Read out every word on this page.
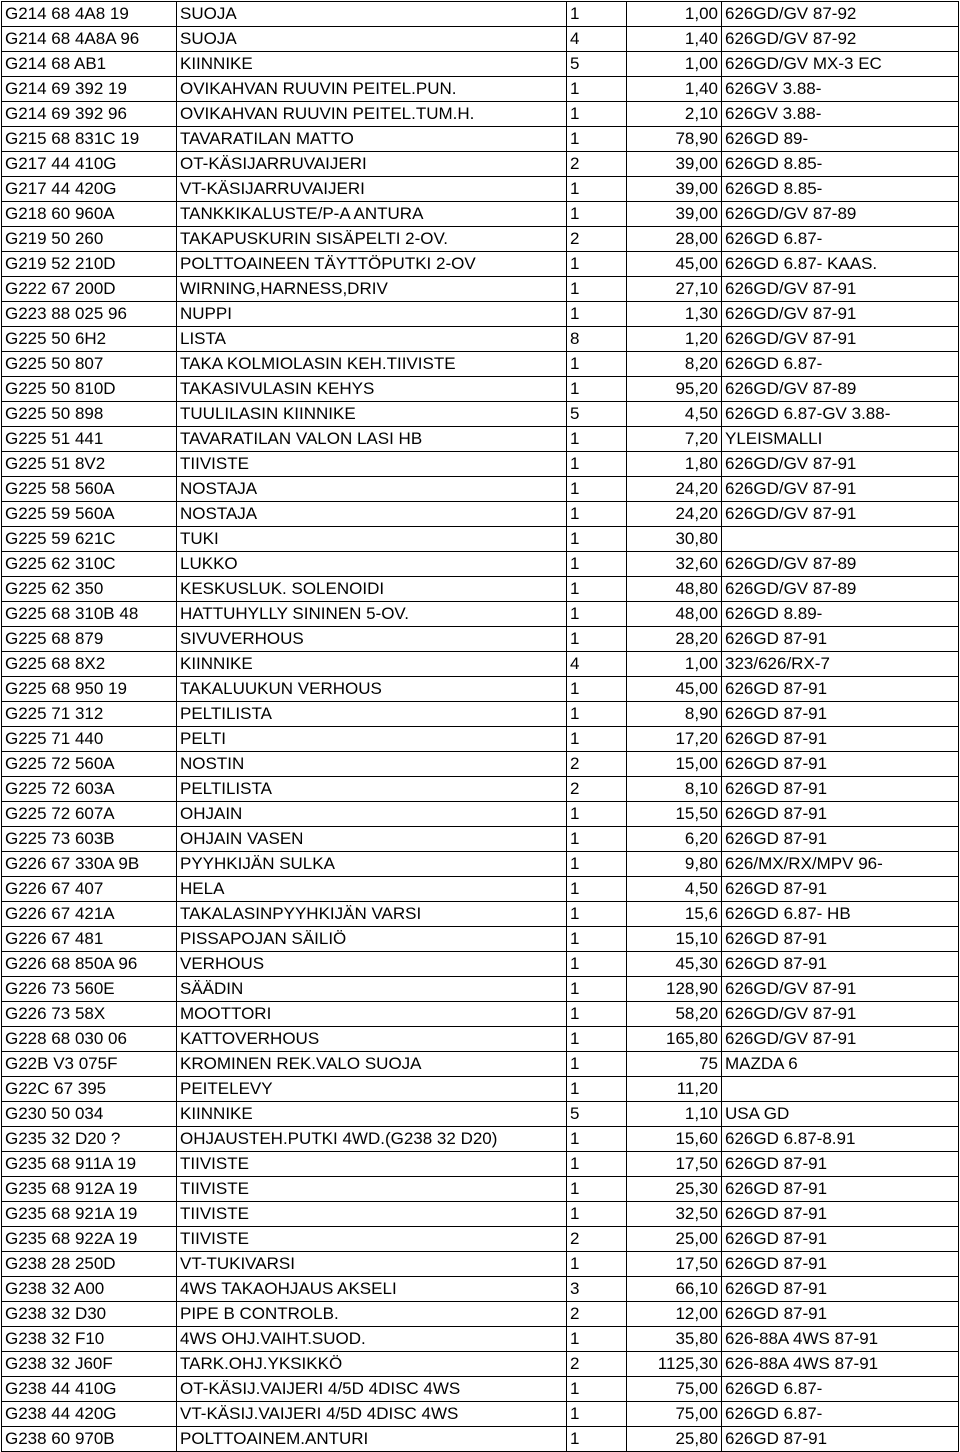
G214 68 4A8 19	SUOJA	1	1,00	626GD/GV 87-92
G214 68 4A8A 96	SUOJA	4	1,40	626GD/GV 87-92
G214 68 AB1	KIINNIKE	5	1,00	626GD/GV MX-3 EC
G214 69 392 19	OVIKAHVAN RUUVIN PEITEL.PUN.	1	1,40	626GV 3.88-
G214 69 392 96	OVIKAHVAN RUUVIN PEITEL.TUM.H.	1	2,10	626GV 3.88-
G215 68 831C 19	TAVARATILAN MATTO	1	78,90	626GD 89-
G217 44 410G	OT-KÄSIJARRUVAIJERI	2	39,00	626GD 8.85-
G217 44 420G	VT-KÄSIJARRUVAIJERI	1	39,00	626GD 8.85-
G218 60 960A	TANKKIKALUSTE/P-A ANTURA	1	39,00	626GD/GV 87-89
G219 50 260	TAKAPUSKURIN SISÄPELTI 2-OV.	2	28,00	626GD 6.87-
G219 52 210D	POLTTOAINEEN TÄYTTÖPUTKI 2-OV	1	45,00	626GD 6.87- KAAS.
G222 67 200D	WIRNING,HARNESS,DRIV	1	27,10	626GD/GV 87-91
G223 88 025 96	NUPPI	1	1,30	626GD/GV 87-91
G225 50 6H2	LISTA	8	1,20	626GD/GV 87-91
G225 50 807	TAKA KOLMIOLASIN KEH.TIIVISTE	1	8,20	626GD 6.87-
G225 50 810D	TAKASIVULASIN KEHYS	1	95,20	626GD/GV 87-89
G225 50 898	TUULILASIN KIINNIKE	5	4,50	626GD 6.87-GV 3.88-
G225 51 441	TAVARATILAN VALON LASI HB	1	7,20	YLEISMALLI
G225 51 8V2	TIIVISTE	1	1,80	626GD/GV 87-91
G225 58 560A	NOSTAJA	1	24,20	626GD/GV 87-91
G225 59 560A	NOSTAJA	1	24,20	626GD/GV 87-91
G225 59 621C	TUKI	1	30,80	
G225 62 310C	LUKKO	1	32,60	626GD/GV 87-89
G225 62 350	KESKUSLUK. SOLENOIDI	1	48,80	626GD/GV 87-89
G225 68 310B 48	HATTUHYLLY SININEN 5-OV.	1	48,00	626GD 8.89-
G225 68 879	SIVUVERHOUS	1	28,20	626GD 87-91
G225 68 8X2	KIINNIKE	4	1,00	323/626/RX-7
G225 68 950 19	TAKALUUKUN VERHOUS	1	45,00	626GD 87-91
G225 71 312	PELTILISTA	1	8,90	626GD 87-91
G225 71 440	PELTI	1	17,20	626GD 87-91
G225 72 560A	NOSTIN	2	15,00	626GD 87-91
G225 72 603A	PELTILISTA	2	8,10	626GD 87-91
G225 72 607A	OHJAIN	1	15,50	626GD 87-91
G225 73 603B	OHJAIN VASEN	1	6,20	626GD 87-91
G226 67 330A 9B	PYYHKIJÄN SULKA	1	9,80	626/MX/RX/MPV 96-
G226 67 407	HELA	1	4,50	626GD 87-91
G226 67 421A	TAKALASINPYYHKIJÄN VARSI	1	15,6	626GD 6.87- HB
G226 67 481	PISSAPOJAN SÄILIÖ	1	15,10	626GD 87-91
G226 68 850A 96	VERHOUS	1	45,30	626GD 87-91
G226 73 560E	SÄÄDIN	1	128,90	626GD/GV 87-91
G226 73 58X	MOOTTORI	1	58,20	626GD/GV 87-91
G228 68 030 06	KATTOVERHOUS	1	165,80	626GD/GV 87-91
G22B V3 075F	KROMINEN REK.VALO SUOJA	1	75	MAZDA 6
G22C 67 395	PEITELEVY	1	11,20	
G230 50 034	KIINNIKE	5	1,10	USA GD
G235 32 D20 ?	OHJAUSTEH.PUTKI 4WD.(G238 32 D20)	1	15,60	626GD 6.87-8.91
G235 68 911A 19	TIIVISTE	1	17,50	626GD 87-91
G235 68 912A 19	TIIVISTE	1	25,30	626GD 87-91
G235 68 921A 19	TIIVISTE	1	32,50	626GD 87-91
G235 68 922A 19	TIIVISTE	2	25,00	626GD 87-91
G238 28 250D	VT-TUKIVARSI	1	17,50	626GD 87-91
G238 32 A00	4WS TAKAOHJAUS AKSELI	3	66,10	626GD 87-91
G238 32 D30	PIPE B CONTROLB.	2	12,00	626GD 87-91
G238 32 F10	4WS OHJ.VAIHT.SUOD.	1	35,80	626-88A 4WS 87-91
G238 32 J60F	TARK.OHJ.YKSIKKÖ	2	1125,30	626-88A 4WS 87-91
G238 44 410G	OT-KÄSIJ.VAIJERI 4/5D 4DISC 4WS	1	75,00	626GD 6.87-
G238 44 420G	VT-KÄSIJ.VAIJERI 4/5D 4DISC 4WS	1	75,00	626GD 6.87-
G238 60 970B	POLTTOAINEM.ANTURI	1	25,80	626GD 87-91
